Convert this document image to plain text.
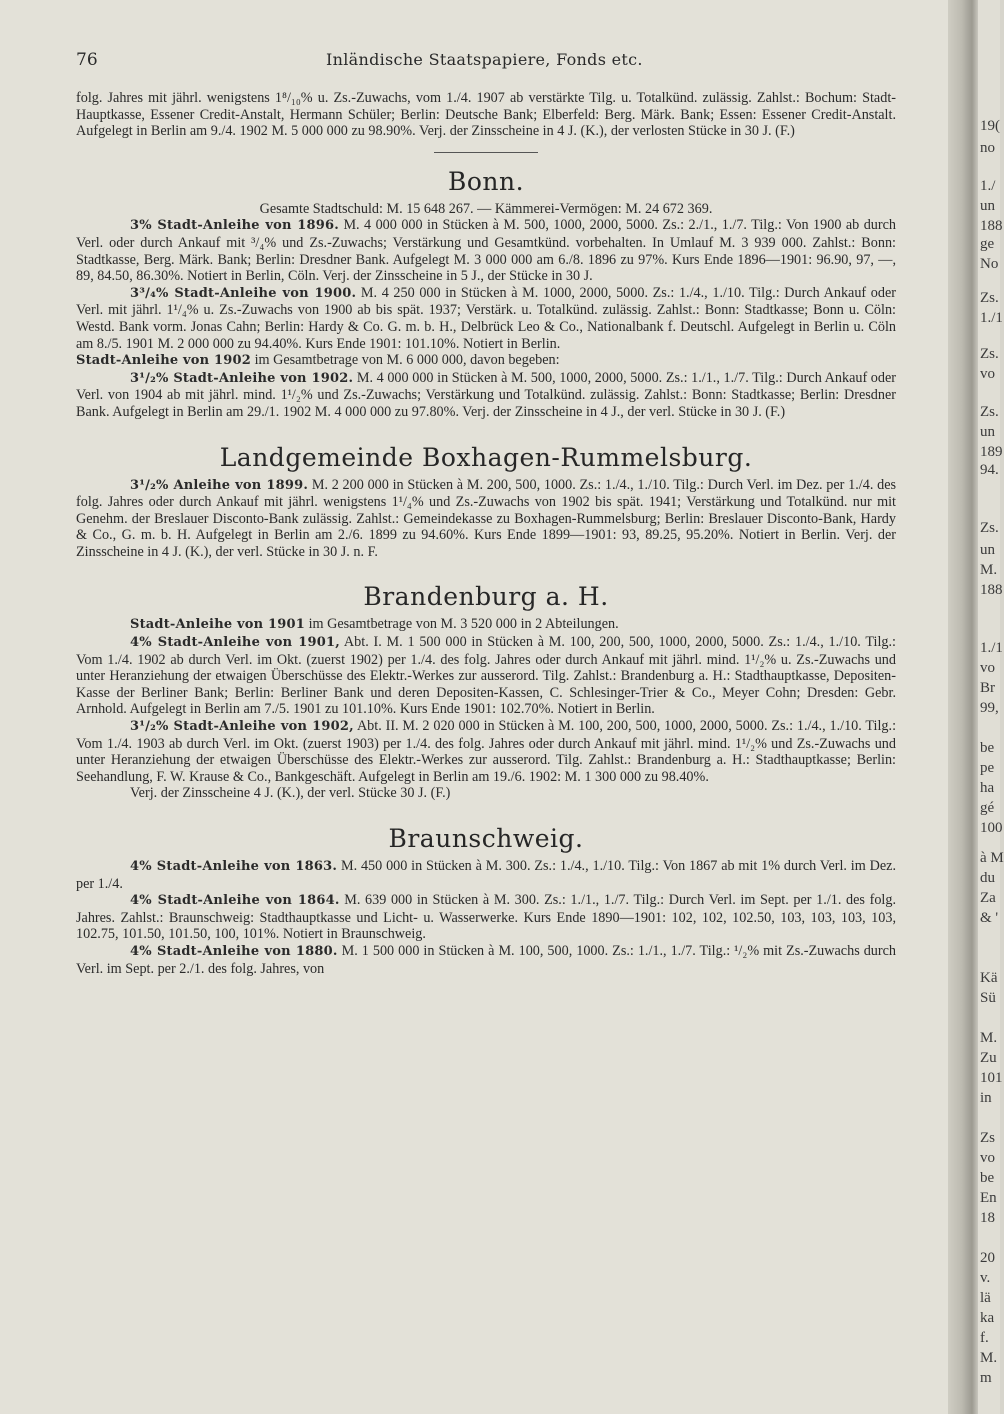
76	Inländische Staatspapiere, Fonds etc.

folg. Jahres mit jährl. wenigstens 1⁸/₁₀% u. Zs.-Zuwachs, vom 1./4. 1907 ab verstärkte Tilg. u. Totalkünd. zulässig. Zahlst.: Bochum: Stadt-Hauptkasse, Essener Credit-Anstalt, Hermann Schüler; Berlin: Deutsche Bank; Elberfeld: Berg. Märk. Bank; Essen: Essener Credit-Anstalt. Aufgelegt in Berlin am 9./4. 1902 M. 5 000 000 zu 98.90%. Verj. der Zinsscheine in 4 J. (K.), der verlosten Stücke in 30 J. (F.)

Bonn.

Gesamte Stadtschuld: M. 15 648 267. — Kämmerei-Vermögen: M. 24 672 369.

3% Stadt-Anleihe von 1896. M. 4 000 000 in Stücken à M. 500, 1000, 2000, 5000. Zs.: 2./1., 1./7. Tilg.: Von 1900 ab durch Verl. oder durch Ankauf mit ³/₄% und Zs.-Zuwachs; Verstärkung und Gesamtkünd. vorbehalten. In Umlauf M. 3 939 000. Zahlst.: Bonn: Stadtkasse, Berg. Märk. Bank; Berlin: Dresdner Bank. Aufgelegt M. 3 000 000 am 6./8. 1896 zu 97%. Kurs Ende 1896—1901: 96.90, 97, —, 89, 84.50, 86.30%. Notiert in Berlin, Cöln. Verj. der Zinsscheine in 5 J., der Stücke in 30 J.

3³/₄% Stadt-Anleihe von 1900. M. 4 250 000 in Stücken à M. 1000, 2000, 5000. Zs.: 1./4., 1./10. Tilg.: Durch Ankauf oder Verl. mit jährl. 1¹/₄% u. Zs.-Zuwachs von 1900 ab bis spät. 1937; Verstärk. u. Totalkünd. zulässig. Zahlst.: Bonn: Stadtkasse; Bonn u. Cöln: Westd. Bank vorm. Jonas Cahn; Berlin: Hardy & Co. G. m. b. H., Delbrück Leo & Co., Nationalbank f. Deutschl. Aufgelegt in Berlin u. Cöln am 8./5. 1901 M. 2 000 000 zu 94.40%. Kurs Ende 1901: 101.10%. Notiert in Berlin.

Stadt-Anleihe von 1902 im Gesamtbetrage von M. 6 000 000, davon begeben:

3¹/₂% Stadt-Anleihe von 1902. M. 4 000 000 in Stücken à M. 500, 1000, 2000, 5000. Zs.: 1./1., 1./7. Tilg.: Durch Ankauf oder Verl. von 1904 ab mit jährl. mind. 1¹/₂% und Zs.-Zuwachs; Verstärkung und Totalkünd. zulässig. Zahlst.: Bonn: Stadtkasse; Berlin: Dresdner Bank. Aufgelegt in Berlin am 29./1. 1902 M. 4 000 000 zu 97.80%. Verj. der Zinsscheine in 4 J., der verl. Stücke in 30 J. (F.)

Landgemeinde Boxhagen-Rummelsburg.

3¹/₂% Anleihe von 1899. M. 2 200 000 in Stücken à M. 200, 500, 1000. Zs.: 1./4., 1./10. Tilg.: Durch Verl. im Dez. per 1./4. des folg. Jahres oder durch Ankauf mit jährl. wenigstens 1¹/₄% und Zs.-Zuwachs von 1902 bis spät. 1941; Verstärkung und Totalkünd. nur mit Genehm. der Breslauer Disconto-Bank zulässig. Zahlst.: Gemeindekasse zu Boxhagen-Rummelsburg; Berlin: Breslauer Disconto-Bank, Hardy & Co., G. m. b. H. Aufgelegt in Berlin am 2./6. 1899 zu 94.60%. Kurs Ende 1899—1901: 93, 89.25, 95.20%. Notiert in Berlin. Verj. der Zinsscheine in 4 J. (K.), der verl. Stücke in 30 J. n. F.

Brandenburg a. H.

Stadt-Anleihe von 1901 im Gesamtbetrage von M. 3 520 000 in 2 Abteilungen.

4% Stadt-Anleihe von 1901, Abt. I. M. 1 500 000 in Stücken à M. 100, 200, 500, 1000, 2000, 5000. Zs.: 1./4., 1./10. Tilg.: Vom 1./4. 1902 ab durch Verl. im Okt. (zuerst 1902) per 1./4. des folg. Jahres oder durch Ankauf mit jährl. mind. 1¹/₂% u. Zs.-Zuwachs und unter Heranziehung der etwaigen Überschüsse des Elektr.-Werkes zur ausserord. Tilg. Zahlst.: Brandenburg a. H.: Stadthauptkasse, Depositen-Kasse der Berliner Bank; Berlin: Berliner Bank und deren Depositen-Kassen, C. Schlesinger-Trier & Co., Meyer Cohn; Dresden: Gebr. Arnhold. Aufgelegt in Berlin am 7./5. 1901 zu 101.10%. Kurs Ende 1901: 102.70%. Notiert in Berlin.

3¹/₂% Stadt-Anleihe von 1902, Abt. II. M. 2 020 000 in Stücken à M. 100, 200, 500, 1000, 2000, 5000. Zs.: 1./4., 1./10. Tilg.: Vom 1./4. 1903 ab durch Verl. im Okt. (zuerst 1903) per 1./4. des folg. Jahres oder durch Ankauf mit jährl. mind. 1¹/₂% und Zs.-Zuwachs und unter Heranziehung der etwaigen Überschüsse des Elektr.-Werkes zur ausserord. Tilg. Zahlst.: Brandenburg a. H.: Stadthauptkasse; Berlin: Seehandlung, F. W. Krause & Co., Bankgeschäft. Aufgelegt in Berlin am 19./6. 1902: M. 1 300 000 zu 98.40%.

Verj. der Zinsscheine 4 J. (K.), der verl. Stücke 30 J. (F.)

Braunschweig.

4% Stadt-Anleihe von 1863. M. 450 000 in Stücken à M. 300. Zs.: 1./4., 1./10. Tilg.: Von 1867 ab mit 1% durch Verl. im Dez. per 1./4.

4% Stadt-Anleihe von 1864. M. 639 000 in Stücken à M. 300. Zs.: 1./1., 1./7. Tilg.: Durch Verl. im Sept. per 1./1. des folg. Jahres. Zahlst.: Braunschweig: Stadthauptkasse und Licht- u. Wasserwerke. Kurs Ende 1890—1901: 102, 102, 102.50, 103, 103, 103, 103, 102.75, 101.50, 101.50, 100, 101%. Notiert in Braunschweig.

4% Stadt-Anleihe von 1880. M. 1 500 000 in Stücken à M. 100, 500, 1000. Zs.: 1./1., 1./7. Tilg.: ¹/₂% mit Zs.-Zuwachs durch Verl. im Sept. per 2./1. des folg. Jahres, von

19(
no
1./
un
188
ge
No
Zs.
1./1
Zs.
vo
Zs.
un
189
94.
Zs.
un
M.
188
1./1
vo
Br
99,
be
pe
ha
gé
100
à M
du
Za
& '
Kä
Sü
M.
Zu
101
in
Zs
vo
be
En
18
20
v.
lä
ka
f.
M.
m
